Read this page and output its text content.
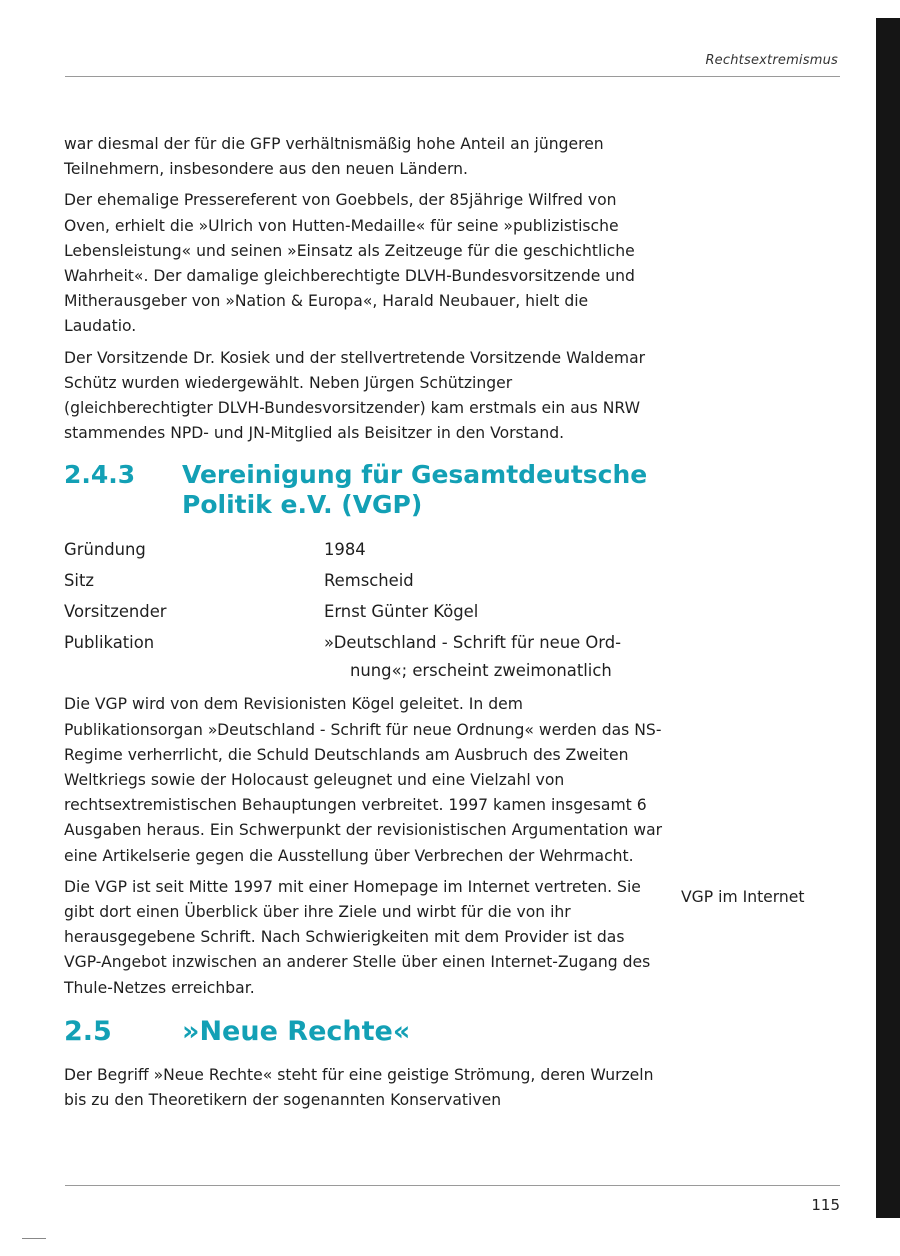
Rechtsextremismus

war diesmal der für die GFP verhältnismäßig hohe Anteil an jüngeren Teilnehmern, insbesondere aus den neuen Ländern.

Der ehemalige Pressereferent von Goebbels, der 85jährige Wilfred von Oven, erhielt die »Ulrich von Hutten-Medaille« für seine »publizistische Lebensleistung« und seinen »Einsatz als Zeitzeuge für die geschichtliche Wahrheit«. Der damalige gleichberechtigte DLVH-Bundesvorsitzende und Mitherausgeber von »Nation & Europa«, Harald Neubauer, hielt die Laudatio.

Der Vorsitzende Dr. Kosiek und der stellvertretende Vorsitzende Waldemar Schütz wurden wiedergewählt. Neben Jürgen Schützinger (gleichberechtigter DLVH-Bundesvorsitzender) kam erstmals ein aus NRW stammendes NPD- und JN-Mitglied als Beisitzer in den Vorstand.

2.4.3	Vereinigung für Gesamtdeutsche Politik e.V. (VGP)
Gründung	1984
Sitz	Remscheid
Vorsitzender	Ernst Günter Kögel
Publikation	»Deutschland - Schrift für neue Ord-
nung«; erscheint zweimonatlich

Die VGP wird von dem Revisionisten Kögel geleitet. In dem Publikationsorgan »Deutschland - Schrift für neue Ordnung« werden das NS-Regime verherrlicht, die Schuld Deutschlands am Ausbruch des Zweiten Weltkriegs sowie der Holocaust geleugnet und eine Vielzahl von rechtsextremistischen Behauptungen verbreitet. 1997 kamen insgesamt 6 Ausgaben heraus. Ein Schwerpunkt der revisionistischen Argumentation war eine Artikelserie gegen die Ausstellung über Verbrechen der Wehrmacht.

Die VGP ist seit Mitte 1997 mit einer Homepage im Internet vertreten. Sie gibt dort einen Überblick über ihre Ziele und wirbt für die von ihr herausgegebene Schrift. Nach Schwierigkeiten mit dem Provider ist das VGP-Angebot inzwischen an anderer Stelle über einen Internet-Zugang des Thule-Netzes erreichbar.

2.5	»Neue Rechte«

Der Begriff »Neue Rechte« steht für eine geistige Strömung, deren Wurzeln bis zu den Theoretikern der sogenannten Konservativen

VGP im Internet
115
